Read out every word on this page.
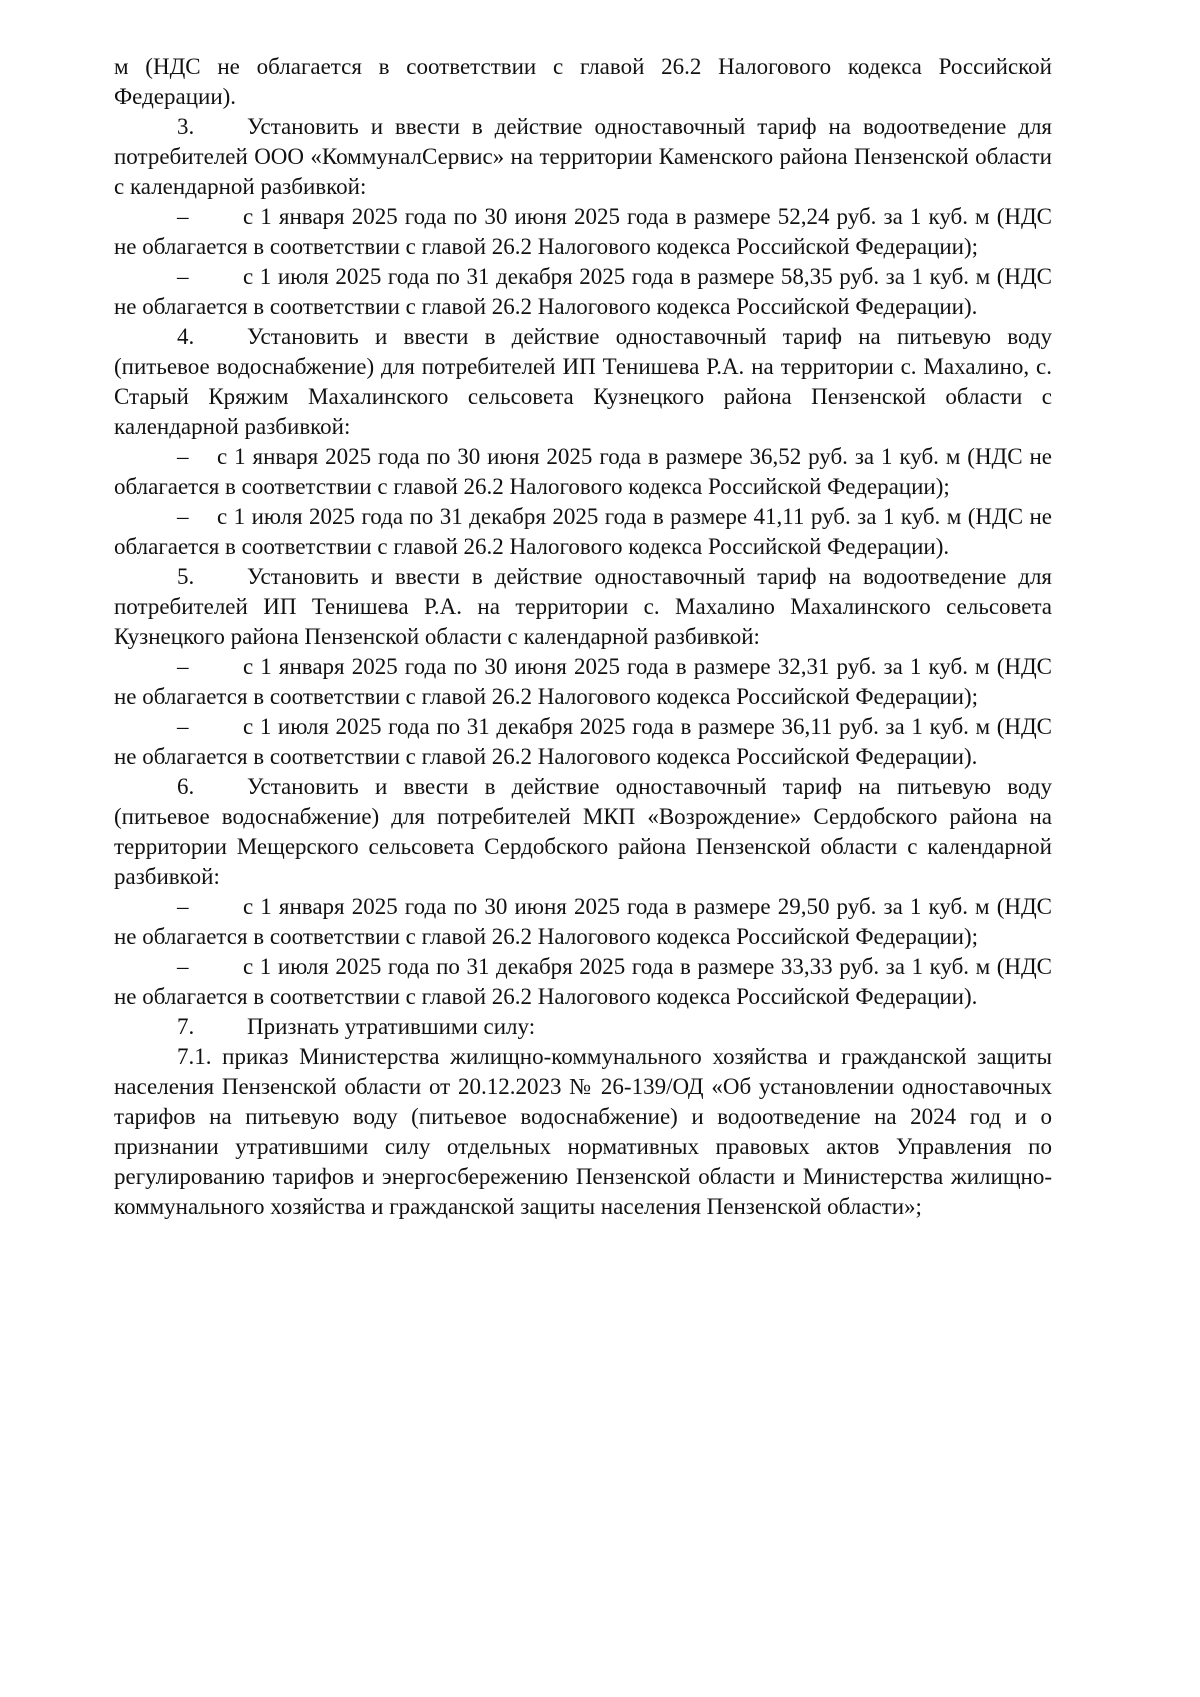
м (НДС не облагается в соответствии с главой 26.2 Налогового кодекса Российской Федерации).

3. Установить и ввести в действие одноставочный тариф на водоотведение для потребителей ООО «КоммуналСервис» на территории Каменского района Пензенской области с календарной разбивкой:

– с 1 января 2025 года по 30 июня 2025 года в размере 52,24 руб. за 1 куб. м (НДС не облагается в соответствии с главой 26.2 Налогового кодекса Российской Федерации);

– с 1 июля 2025 года по 31 декабря 2025 года в размере 58,35 руб. за 1 куб. м (НДС не облагается в соответствии с главой 26.2 Налогового кодекса Российской Федерации).

4. Установить и ввести в действие одноставочный тариф на питьевую воду (питьевое водоснабжение) для потребителей ИП Тенишева Р.А. на территории с. Махалино, с. Старый Кряжим Махалинского сельсовета Кузнецкого района Пензенской области с календарной разбивкой:

– с 1 января 2025 года по 30 июня 2025 года в размере 36,52 руб. за 1 куб. м (НДС не облагается в соответствии с главой 26.2 Налогового кодекса Российской Федерации);

– с 1 июля 2025 года по 31 декабря 2025 года в размере 41,11 руб. за 1 куб. м (НДС не облагается в соответствии с главой 26.2 Налогового кодекса Российской Федерации).

5. Установить и ввести в действие одноставочный тариф на водоотведение для потребителей ИП Тенишева Р.А. на территории с. Махалино Махалинского сельсовета Кузнецкого района Пензенской области с календарной разбивкой:

– с 1 января 2025 года по 30 июня 2025 года в размере 32,31 руб. за 1 куб. м (НДС не облагается в соответствии с главой 26.2 Налогового кодекса Российской Федерации);

– с 1 июля 2025 года по 31 декабря 2025 года в размере 36,11 руб. за 1 куб. м (НДС не облагается в соответствии с главой 26.2 Налогового кодекса Российской Федерации).

6. Установить и ввести в действие одноставочный тариф на питьевую воду (питьевое водоснабжение) для потребителей МКП «Возрождение» Сердобского района на территории Мещерского сельсовета Сердобского района Пензенской области с календарной разбивкой:

– с 1 января 2025 года по 30 июня 2025 года в размере 29,50 руб. за 1 куб. м (НДС не облагается в соответствии с главой 26.2 Налогового кодекса Российской Федерации);

– с 1 июля 2025 года по 31 декабря 2025 года в размере 33,33 руб. за 1 куб. м (НДС не облагается в соответствии с главой 26.2 Налогового кодекса Российской Федерации).

7. Признать утратившими силу:

7.1. приказ Министерства жилищно-коммунального хозяйства и гражданской защиты населения Пензенской области от 20.12.2023 № 26-139/ОД «Об установлении одноставочных тарифов на питьевую воду (питьевое водоснабжение) и водоотведение на 2024 год и о признании утратившими силу отдельных нормативных правовых актов Управления по регулированию тарифов и энергосбережению Пензенской области и Министерства жилищно-коммунального хозяйства и гражданской защиты населения Пензенской области»;
